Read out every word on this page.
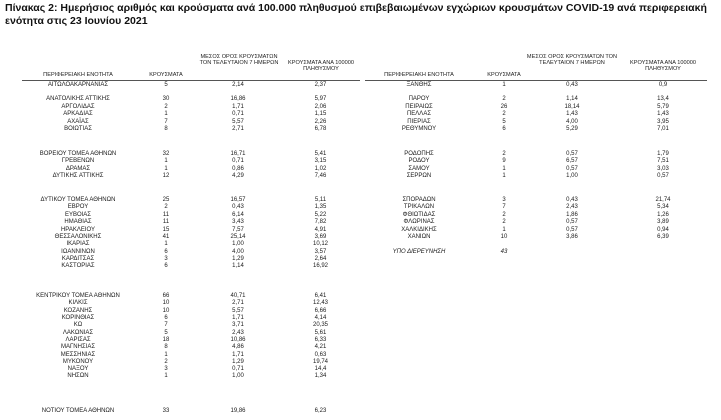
Πίνακας 2: Ημερήσιος αριθμός και κρούσματα ανά 100.000 πληθυσμού επιβεβαιωμένων εγχώριων κρουσμάτων COVID-19 ανά περιφερειακή ενότητα στις 23 Ιουνίου 2021

ΠΕΡΙΦΕΡΕΙΑΚΗ ΕΝΟΤΗΤΑ	ΚΡΟΥΣΜΑΤΑ
ΜΕΣΟΣ ΟΡΟΣ ΚΡΟΥΣΜΑΤΩΝ ΤΟΝ ΤΕΛΕΥΤΑΙΟΝ 7 ΗΜΕΡΩΝ	ΚΡΟΥΣΜΑΤΑ ΑΝΑ 100000 ΠΛΗΘΥΣΜΟΥ
ΠΕΡΙΦΕΡΕΙΑΚΗ ΕΝΟΤΗΤΑ	ΚΡΟΥΣΜΑΤΑ
ΜΕΣΟΣ ΟΡΟΣ ΚΡΟΥΣΜΑΤΩΝ ΤΟΝ ΤΕΛΕΥΤΑΙΟΝ 7 ΗΜΕΡΩΝ	ΚΡΟΥΣΜΑΤΑ ΑΝΑ 100000 ΠΛΗΘΥΣΜΟΥ
ΑΙΤΩΛΟΑΚΑΡΝΑΝΙΑΣ	5	2,14	2,37
ΑΝΑΤΟΛΙΚΗΣ ΑΤΤΙΚΗΣ	30	16,86	5,97
ΑΡΓΟΛΙΔΑΣ	2	1,71	2,06
ΑΡΚΑΔΙΑΣ	1	0,71	1,15
ΑΧΑΪΑΣ	7	5,57	2,26
ΒΟΙΩΤΙΑΣ	8	2,71	6,78
ΒΟΡΕΙΟΥ ΤΟΜΕΑ ΑΘΗΝΩΝ	32	16,71	5,41
ΓΡΕΒΕΝΩΝ	1	0,71	3,15
ΔΡΑΜΑΣ	1	0,86	1,02
ΔΥΤΙΚΗΣ ΑΤΤΙΚΗΣ	12	4,29	7,46
ΔΥΤΙΚΟΥ ΤΟΜΕΑ ΑΘΗΝΩΝ	25	16,57	5,11
ΕΒΡΟΥ	2	0,43	1,35
ΕΥΒΟΙΑΣ	11	6,14	5,22
ΗΜΑΘΙΑΣ	11	3,43	7,82
ΗΡΑΚΛΕΙΟΥ	15	7,57	4,91
ΘΕΣΣΑΛΟΝΙΚΗΣ	41	25,14	3,69
ΙΚΑΡΙΑΣ	1	1,00	10,12
ΙΩΑΝΝΙΝΩΝ	6	4,00	3,57
ΚΑΡΔΙΤΣΑΣ	3	1,29	2,64
ΚΑΣΤΟΡΙΑΣ	6	1,14	16,92
ΚΕΝΤΡΙΚΟΥ ΤΟΜΕΑ ΑΘΗΝΩΝ	66	40,71	6,41
ΚΙΛΚΙΣ	10	2,71	12,43
ΚΟΖΑΝΗΣ	10	5,57	6,66
ΚΟΡΙΝΘΙΑΣ	6	1,71	4,14
ΚΩ	7	3,71	20,35
ΛΑΚΩΝΙΑΣ	5	2,43	5,61
ΛΑΡΙΣΑΣ	18	10,86	6,33
ΜΑΓΝΗΣΙΑΣ	8	4,86	4,21
ΜΕΣΣΗΝΙΑΣ	1	1,71	0,63
ΜΥΚΟΝΟΥ	2	1,29	19,74
ΝΑΞΟΥ	3	0,71	14,4
ΝΗΣΩΝ	1	1,00	1,34
ΝΟΤΙΟΥ ΤΟΜΕΑ ΑΘΗΝΩΝ	33	19,86	6,23
ΞΑΝΘΗΣ	1	0,43	0,9
ΠΑΡΟΥ	2	1,14	13,4
ΠΕΙΡΑΙΩΣ	26	18,14	5,79
ΠΕΛΛΑΣ	2	1,43	1,43
ΠΙΕΡΙΑΣ	5	4,00	3,95
ΡΕΘΥΜΝΟΥ	6	5,29	7,01
ΡΟΔΟΠΗΣ	2	0,57	1,79
ΡΟΔΟΥ	9	6,57	7,51
ΣΑΜΟΥ	1	0,57	3,03
ΣΕΡΡΩΝ	1	1,00	0,57
ΣΠΟΡΑΔΩΝ	3	0,43	21,74
ΤΡΙΚΑΛΩΝ	7	2,43	5,34
ΦΘΙΩΤΙΔΑΣ	2	1,86	1,26
ΦΛΩΡΙΝΑΣ	2	0,57	3,89
ΧΑΛΚΙΔΙΚΗΣ	1	0,57	0,94
ΧΑΝΙΩΝ	10	3,86	6,39
ΥΠΟ ΔΙΕΡΕΥΝΗΣΗ	43
